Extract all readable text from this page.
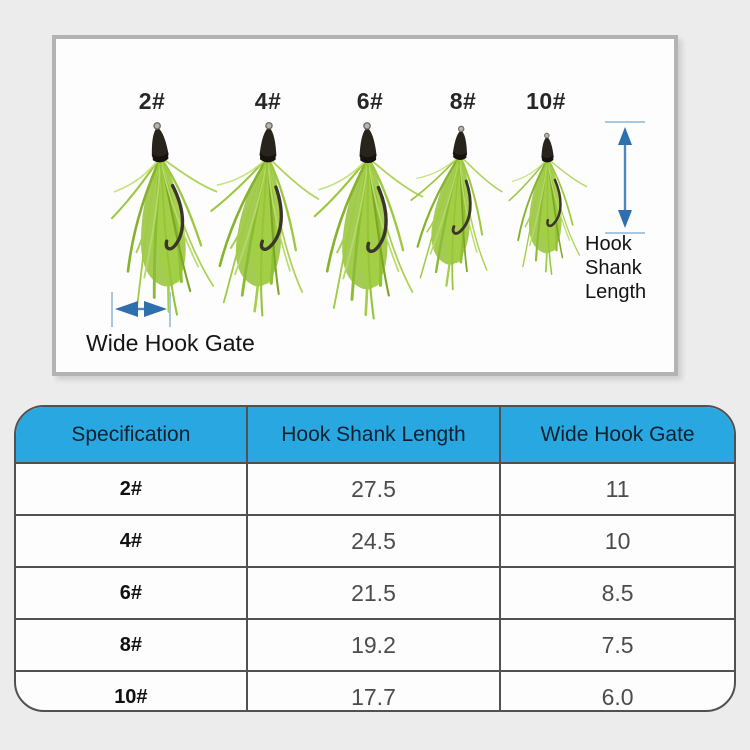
2#	4#	6#	8#	10#
Hook
Shank
Length
Wide Hook Gate
Specification	Hook Shank Length	Wide Hook Gate
2#	27.5	11
4#	24.5	10
6#	21.5	8.5
8#	19.2	7.5
10#	17.7	6.0
